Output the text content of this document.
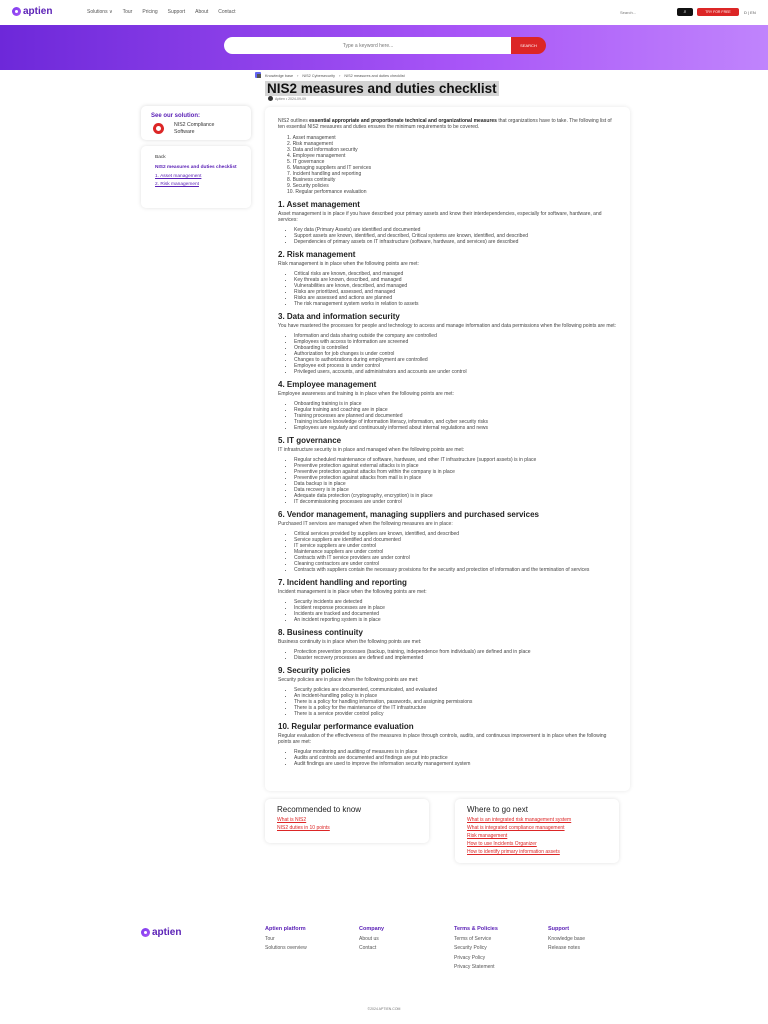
aptien	Solutions ∨ Tour Pricing Support About Contact	Search...	⌕	TRY FOR FREE	D | EN
Type a keyword here...
SEARCH
Knowledge base › NIS2 Cybersecurity › NIS2 measures and duties checklist
NIS2 measures and duties checklist
Aptien • 2024-09-09
See our solution:
NIS2 Compliance Software
Back
NIS2 measures and duties checklist
1. Asset management
2. Risk management

NIS2 outlines essential appropriate and proportionate technical and organizational measures that organizations have to take. The following list of ten essential NIS2 measures and duties ensures the minimum requirements to be covered.

1. Asset management
2. Risk management
3. Data and information security
4. Employee management
5. IT governance
6. Managing suppliers and IT services
7. Incident handling and reporting
8. Business continuity
9. Security policies
10. Regular performance evaluation
1. Asset management

Asset management is in place if you have described your primary assets and know their interdependencies, especially for software, hardware, and services:

• Key data (Primary Assets) are identified and documented
• Support assets are known, identified, and described, Critical systems are known, identified, and described
• Dependencies of primary assets on IT infrastructure (software, hardware, and services) are described
2. Risk management

Risk management is in place when the following points are met:

• Critical risks are known, described, and managed
• Key threats are known, described, and managed
• Vulnerabilities are known, described, and managed
• Risks are prioritized, assessed, and managed
• Risks are assessed and actions are planned
• The risk management system works in relation to assets
3. Data and information security

You have mastered the processes for people and technology to access and manage information and data permissions when the following points are met:

• Information and data sharing outside the company are controlled
• Employees with access to information are screened
• Onboarding is controlled
• Authorization for job changes is under control
• Changes to authorizations during employment are controlled
• Employee exit process is under control
• Privileged users, accounts, and administrators and accounts are under control
4. Employee management

Employee awareness and training is in place when the following points are met:

• Onboarding training is in place
• Regular training and coaching are in place
• Training processes are planned and documented
• Training includes knowledge of information literacy, information, and cyber security risks
• Employees are regularly and continuously informed about internal regulations and news
5. IT governance

IT infrastructure security is in place and managed when the following points are met:

• Regular scheduled maintenance of software, hardware, and other IT infrastructure (support assets) is in place
• Preventive protection against external attacks is in place
• Preventive protection against attacks from within the company is in place
• Preventive protection against attacks from mail is in place
• Data backup is in place
• Data recovery is in place
• Adequate data protection (cryptography, encryption) is in place
• IT decommissioning processes are under control
6. Vendor management, managing suppliers and purchased services

Purchased IT services are managed when the following measures are in place:

• Critical services provided by suppliers are known, identified, and described
• Service suppliers are identified and documented
• IT service suppliers are under control
• Maintenance suppliers are under control
• Contracts with IT service providers are under control
• Cleaning contractors are under control
• Contracts with suppliers contain the necessary provisions for the security and protection of information and the termination of services
7. Incident handling and reporting

Incident management is in place when the following points are met:

• Security incidents are detected
• Incident response processes are in place
• Incidents are tracked and documented
• An incident reporting system is in place
8. Business continuity

Business continuity is in place when the following points are met:

• Protection prevention processes (backup, training, independence from individuals) are defined and in place
• Disaster recovery processes are defined and implemented
9. Security policies

Security policies are in place when the following points are met:

• Security policies are documented, communicated, and evaluated
• An incident-handling policy is in place
• There is a policy for handling information, passwords, and assigning permissions
• There is a policy for the maintenance of the IT infrastructure
• There is a service provider control policy
10. Regular performance evaluation

Regular evaluation of the effectiveness of the measures in place through controls, audits, and continuous improvement is in place when the following points are met:

• Regular monitoring and auditing of measures is in place
• Audits and controls are documented and findings are put into practice
• Audit findings are used to improve the information security management system
Recommended to know
What is NIS2
NIS2 duties in 10 points
Where to go next
What is an integrated risk management system
What is integrated compliance management
Risk management
How to use Incidents Organizer
How to identify primary information assets
aptien	Aptien platform
Tour
Solutions overview
Company
About us
Contact
Terms & Policies
Terms of Service
Security Policy
Privacy Policy
Privacy Statement
Support
Knowledge base
Release notes
©2024 APTIEN.COM
